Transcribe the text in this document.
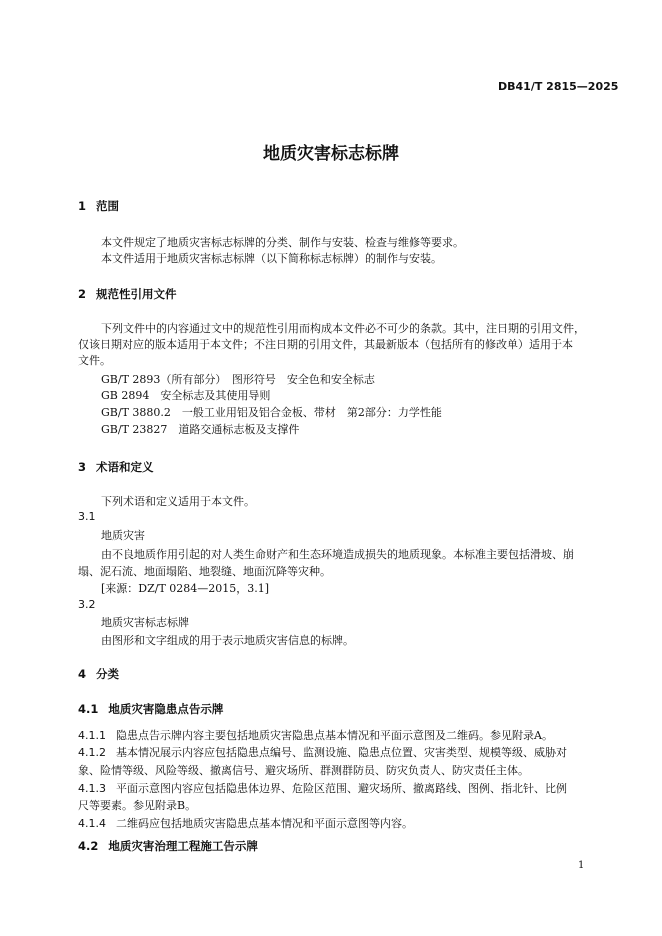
DB41/T 2815—2025
地质灾害标志标牌
1 范围
本文件规定了地质灾害标志标牌的分类、制作与安装、检查与维修等要求。
本文件适用于地质灾害标志标牌（以下简称标志标牌）的制作与安装。
2 规范性引用文件
下列文件中的内容通过文中的规范性引用而构成本文件必不可少的条款。其中，注日期的引用文件，
仅该日期对应的版本适用于本文件；不注日期的引用文件，其最新版本（包括所有的修改单）适用于本
文件。
GB/T 2893（所有部分）　图形符号　安全色和安全标志
GB 2894　安全标志及其使用导则
GB/T 3880.2　一般工业用铝及铝合金板、带材　第2部分：力学性能
GB/T 23827　道路交通标志板及支撑件
3 术语和定义
下列术语和定义适用于本文件。
3.1
地质灾害
由不良地质作用引起的对人类生命财产和生态环境造成损失的地质现象。本标准主要包括滑坡、崩
塌、泥石流、地面塌陷、地裂缝、地面沉降等灾种。
[来源：DZ/T 0284—2015，3.1]
3.2
地质灾害标志标牌
由图形和文字组成的用于表示地质灾害信息的标牌。
4 分类
4.1 地质灾害隐患点告示牌
4.1.1 隐患点告示牌内容主要包括地质灾害隐患点基本情况和平面示意图及二维码。参见附录A。
4.1.2 基本情况展示内容应包括隐患点编号、监测设施、隐患点位置、灾害类型、规模等级、威胁对
象、险情等级、风险等级、撤离信号、避灾场所、群测群防员、防灾负责人、防灾责任主体。
4.1.3 平面示意图内容应包括隐患体边界、危险区范围、避灾场所、撤离路线、图例、指北针、比例
尺等要素。参见附录B。
4.1.4 二维码应包括地质灾害隐患点基本情况和平面示意图等内容。
4.2 地质灾害治理工程施工告示牌
1
